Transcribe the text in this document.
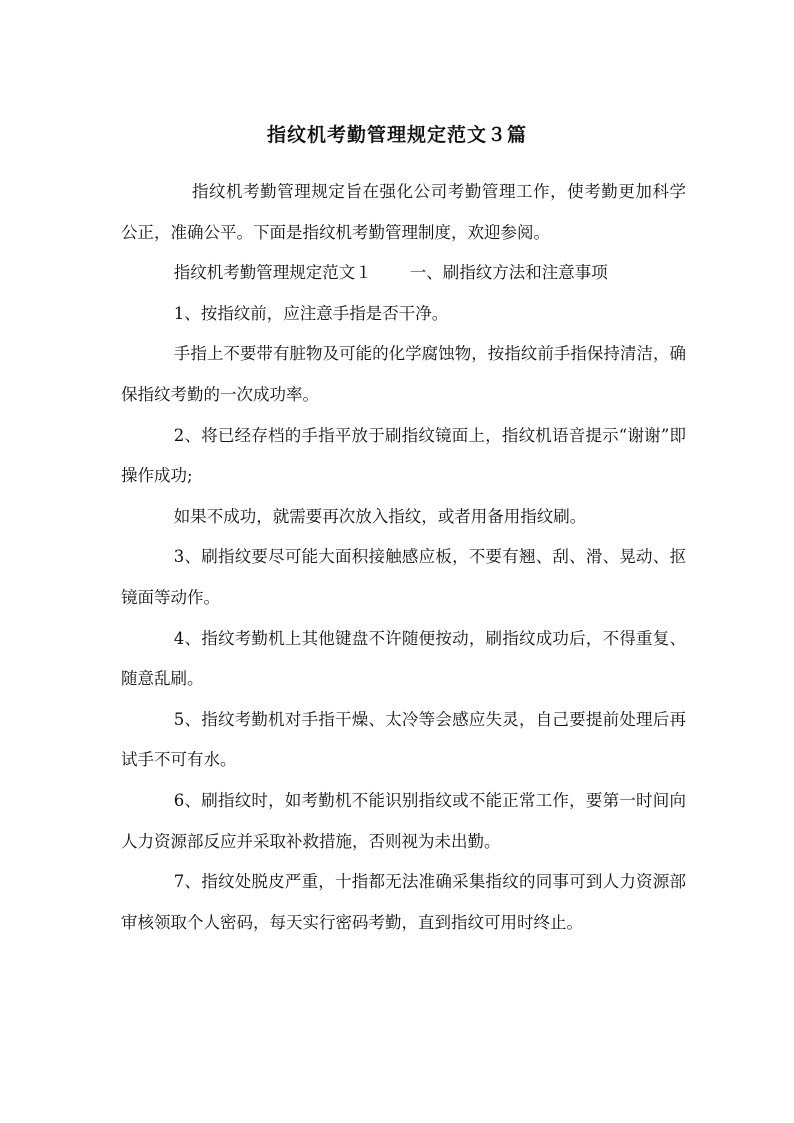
指纹机考勤管理规定范文３篇

指纹机考勤管理规定旨在强化公司考勤管理工作，使考勤更加科学公正，准确公平。下面是指纹机考勤管理制度，欢迎参阅。

指纹机考勤管理规定范文１ 一、刷指纹方法和注意事项

1、按指纹前，应注意手指是否干净。

手指上不要带有脏物及可能的化学腐蚀物，按指纹前手指保持清洁，确保指纹考勤的一次成功率。

2、将已经存档的手指平放于刷指纹镜面上，指纹机语音提示“谢谢”即操作成功;

如果不成功，就需要再次放入指纹，或者用备用指纹刷。

3、刷指纹要尽可能大面积接触感应板，不要有翘、刮、滑、晃动、抠镜面等动作。

4、指纹考勤机上其他键盘不许随便按动，刷指纹成功后，不得重复、随意乱刷。

5、指纹考勤机对手指干燥、太冷等会感应失灵，自己要提前处理后再试手不可有水。

6、刷指纹时，如考勤机不能识别指纹或不能正常工作，要第一时间向人力资源部反应并采取补救措施，否则视为未出勤。

7、指纹处脱皮严重，十指都无法准确采集指纹的同事可到人力资源部审核领取个人密码，每天实行密码考勤，直到指纹可用时终止。
